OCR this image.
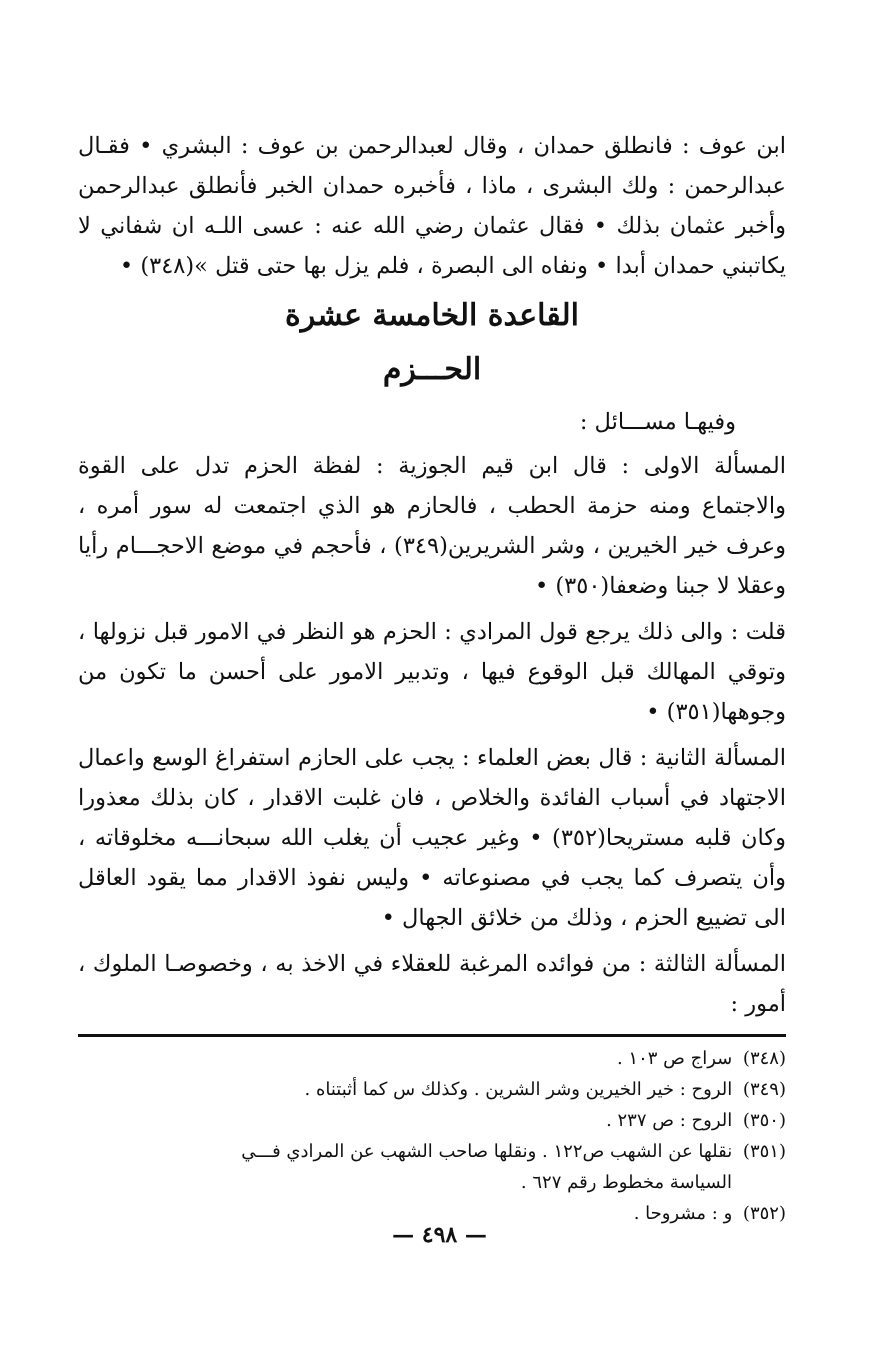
ابن عوف : فانطلق حمدان ، وقال لعبدالرحمن بن عوف : البشري • فقـال عبدالرحمن : ولك البشرى ، ماذا ، فأخبره حمدان الخبر فأنطلق عبدالرحمن وأخبر عثمان بذلك • فقال عثمان رضي الله عنه : عسى اللـه ان شفاني لا يكاتبني حمدان أبدا • ونفاه الى البصرة ، فلم يزل بها حتى قتل »(٣٤٨) •

القاعدة الخامسة عشرة
الحـــزم

وفيهـا مســـائل :

المسألة الاولى : قال ابن قيم الجوزية : لفظة الحزم تدل على القوة والاجتماع ومنه حزمة الحطب ، فالحازم هو الذي اجتمعت له سور أمره ، وعرف خير الخيرين ، وشر الشريرين(٣٤٩) ، فأحجم في موضع الاحجـــام رأيا وعقلا لا جبنا وضعفا(٣٥٠) •

قلت : والى ذلك يرجع قول المرادي : الحزم هو النظر في الامور قبل نزولها ، وتوقي المهالك قبل الوقوع فيها ، وتدبير الامور على أحسن ما تكون من وجوهها(٣٥١) •

المسألة الثانية : قال بعض العلماء : يجب على الحازم استفراغ الوسع واعمال الاجتهاد في أسباب الفائدة والخلاص ، فان غلبت الاقدار ، كان بذلك معذورا وكان قلبه مستريحا(٣٥٢) • وغير عجيب أن يغلب الله سبحانـــه مخلوقاته ، وأن يتصرف كما يجب في مصنوعاته • وليس نفوذ الاقدار مما يقود العاقل الى تضييع الحزم ، وذلك من خلائق الجهال •

المسألة الثالثة : من فوائده المرغبة للعقلاء في الاخذ به ، وخصوصـا الملوك ، أمور :

(٣٤٨) سراج ص ١٠٣ .

(٣٤٩) الروح : خير الخيرين وشر الشرين . وكذلك س كما أثبتناه .

(٣٥٠) الروح : ص ٢٣٧ .

(٣٥١) نقلها عن الشهب ص١٢٢ . ونقلها صاحب الشهب عن المرادي فـــي

السياسة مخطوط رقم ٦٢٧ .

(٣٥٢) و : مشروحا .

— ٤٩٨ —
